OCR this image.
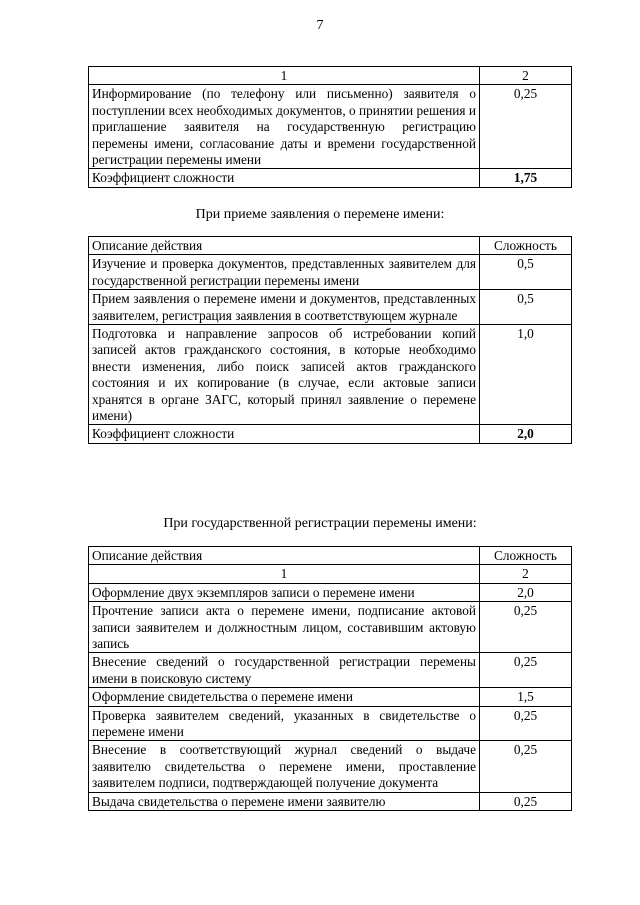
7
1	2
Информирование (по телефону или письменно) заявителя о поступлении всех необходимых документов, о принятии решения и приглашение заявителя на государственную регистрацию перемены имени, согласование даты и времени государственной регистрации перемены имени	0,25
Коэффициент сложности	1,75
При приеме заявления о перемене имени:
Описание действия	Сложность
Изучение и проверка документов, представленных заявителем для государственной регистрации перемены имени	0,5
Прием заявления о перемене имени и документов, представленных заявителем, регистрация заявления в соответствующем журнале	0,5
Подготовка и направление запросов об истребовании копий записей актов гражданского состояния, в которые необходимо внести изменения, либо поиск записей актов гражданского состояния и их копирование (в случае, если актовые записи хранятся в органе ЗАГС, который принял заявление о перемене имени)	1,0
Коэффициент сложности	2,0
При государственной регистрации перемены имени:
Описание действия	Сложность
1	2
Оформление двух экземпляров записи о перемене имени	2,0
Прочтение записи акта о перемене имени, подписание актовой записи заявителем и должностным лицом, составившим актовую запись	0,25
Внесение сведений о государственной регистрации перемены имени в поисковую систему	0,25
Оформление свидетельства о перемене имени	1,5
Проверка заявителем сведений, указанных в свидетельстве о перемене имени	0,25
Внесение в соответствующий журнал сведений о выдаче заявителю свидетельства о перемене имени, проставление заявителем подписи, подтверждающей получение документа	0,25
Выдача свидетельства о перемене имени заявителю	0,25
